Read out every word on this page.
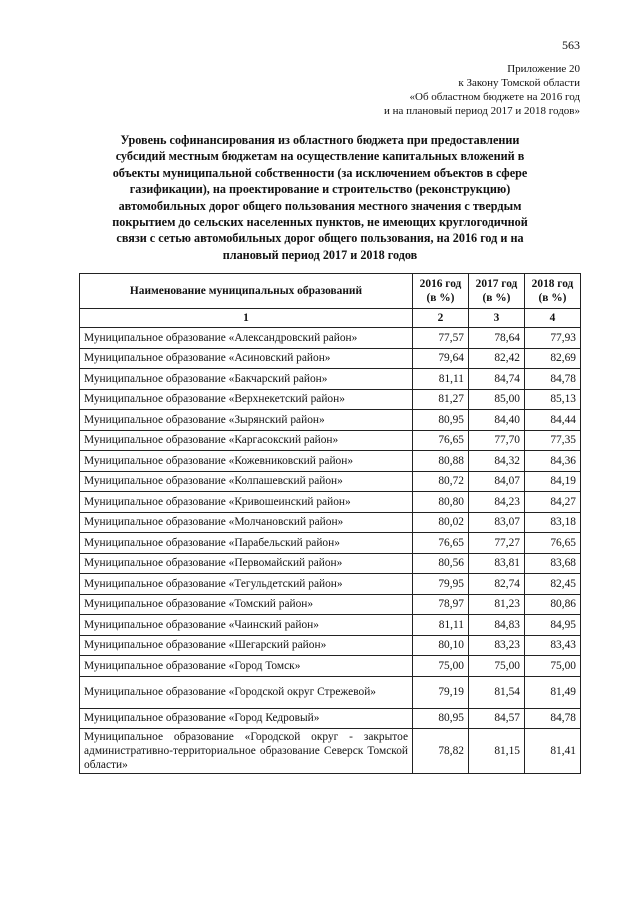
563
Приложение 20
к Закону Томской области
«Об областном бюджете на 2016 год
и на плановый период 2017 и 2018 годов»
Уровень софинансирования из областного бюджета при предоставлении
субсидий местным бюджетам на осуществление капитальных вложений в
объекты муниципальной собственности (за исключением объектов в сфере
газификации), на проектирование и строительство (реконструкцию)
автомобильных дорог общего пользования местного значения с твердым
покрытием до сельских населенных пунктов, не имеющих круглогодичной
связи с сетью автомобильных дорог общего пользования, на 2016 год и на
плановый период 2017 и 2018 годов
Наименование муниципальных образований	2016 год (в %)	2017 год (в %)	2018 год (в %)
1	2	3	4
Муниципальное образование «Александровский район»	77,57	78,64	77,93
Муниципальное образование «Асиновский район»	79,64	82,42	82,69
Муниципальное образование «Бакчарский район»	81,11	84,74	84,78
Муниципальное образование «Верхнекетский район»	81,27	85,00	85,13
Муниципальное образование «Зырянский район»	80,95	84,40	84,44
Муниципальное образование «Каргасокский район»	76,65	77,70	77,35
Муниципальное образование «Кожевниковский район»	80,88	84,32	84,36
Муниципальное образование «Колпашевский район»	80,72	84,07	84,19
Муниципальное образование «Кривошеинский район»	80,80	84,23	84,27
Муниципальное образование «Молчановский район»	80,02	83,07	83,18
Муниципальное образование «Парабельский район»	76,65	77,27	76,65
Муниципальное образование «Первомайский район»	80,56	83,81	83,68
Муниципальное образование «Тегульдетский район»	79,95	82,74	82,45
Муниципальное образование «Томский район»	78,97	81,23	80,86
Муниципальное образование «Чаинский район»	81,11	84,83	84,95
Муниципальное образование «Шегарский район»	80,10	83,23	83,43
Муниципальное образование «Город Томск»	75,00	75,00	75,00
Муниципальное образование «Городской округ Стрежевой»	79,19	81,54	81,49
Муниципальное образование «Город Кедровый»	80,95	84,57	84,78
Муниципальное образование «Городской округ - закрытое административно-территориальное образование Северск Томской области»	78,82	81,15	81,41
